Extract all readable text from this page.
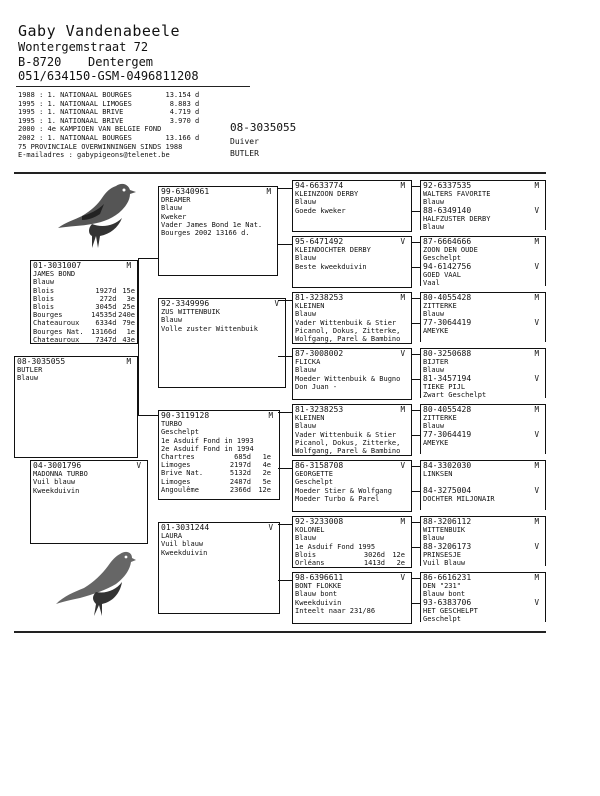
Gaby Vandenabeele
Wontergemstraat 72
B-8720 Dentergem
051/634150-GSM-0496811208
1988 : 1. NATIONAAL BOURGES        13.154 d
1995 : 1. NATIONAAL LIMOGES         8.883 d
1995 : 1. NATIONAAL BRIVE           4.719 d
1995 : 1. NATIONAAL BRIVE           3.970 d
2000 : 4e KAMPIOEN VAN BELGIE FOND
2002 : 1. NATIONAAL BOURGES        13.166 d
75 PROVINCIALE OVERWINNINGEN SINDS 1988
E-mailadres : gabypigeons@telenet.be
08-3035055
Duiver
BUTLER
08-3035055	M
BUTLER
Blauw
01-3031007	M
JAMES BOND
Blauw
Blois	1927d 15e
Blois	272d	3e
Blois	3045d 25e
Bourges	14535d 240e
Chateauroux	6334d 79e
Bourges Nat.	13166d	1e
Chateauroux	7347d 43e
04-3001796	V
MADONNA TURBO
Vuil blauw
Kweekduivin
99-6340961	M
DREAMER
Blauw
Kweker
Vader James Bond 1e Nat.
Bourges 2002 13166 d.
92-3349996	V
ZUS WITTENBUIK
Blauw
Volle zuster Wittenbuik
90-3119128	M
TURBO
Geschelpt
1e Asduif Fond in 1993
2e Asduif Fond in 1994
Chartres	685d	1e
Limoges	2197d	4e
Brive Nat.	5132d	2e
Limoges	2487d	5e
Angoulême	2366d	12e
01-3031244	V
LAURA
Vuil blauw
Kweekduivin
94-6633774	M
KLEINZOON DERBY
Blauw
Goede kweker
95-6471492	V
KLEINDOCHTER DERBY
Blauw
Beste kweekduivin
81-3238253	M
KLEINEN
Blauw
Vader Wittenbuik & Stier
Picanol, Dokus, Zitterke,
Wolfgang, Parel & Bambino
87-3008002	V
FLICKA
Blauw
Moeder Wittenbuik & Bugno
Don Juan -
81-3238253	M
KLEINEN
Blauw
Vader Wittenbuik & Stier
Picanol, Dokus, Zitterke,
Wolfgang, Parel & Bambino
86-3158708	V
GEORGETTE
Geschelpt
Moeder Stier & Wolfgang
Moeder Turbo & Parel
92-3233008	M
KOLONEL
Blauw
1e Asduif Fond 1995
Blois	3026d	12e
Orléans	1413d	2e
98-6396611	V
BONT FLOKKE
Blauw bont
Kweekduivin
Inteelt naar 231/86
92-6337535	M
WALTERS FAVORITE
Blauw
88-6349140	V
HALFZUSTER DERBY
Blauw
87-6664666	M
ZOON DEN OUDE
Geschelpt
94-6142756	V
GOED VAAL
Vaal
80-4055428	M
ZITTERKE
Blauw
77-3064419	V
AMEYKE
80-3250688	M
BIJTER
Blauw
81-3457194	V
TIEKE PIJL
Zwart Geschelpt
80-4055428	M
ZITTERKE
Blauw
77-3064419	V
AMEYKE
84-3302030	M
LINKSEN
84-3275004	V
DOCHTER MILJONAIR
88-3206112	M
WITTENBUIK
Blauw
88-3206173	V
PRINSESJE
Vuil Blauw
86-6616231	M
DEN "231"
Blauw bont
93-6383706	V
HET GESCHELPT
Geschelpt
